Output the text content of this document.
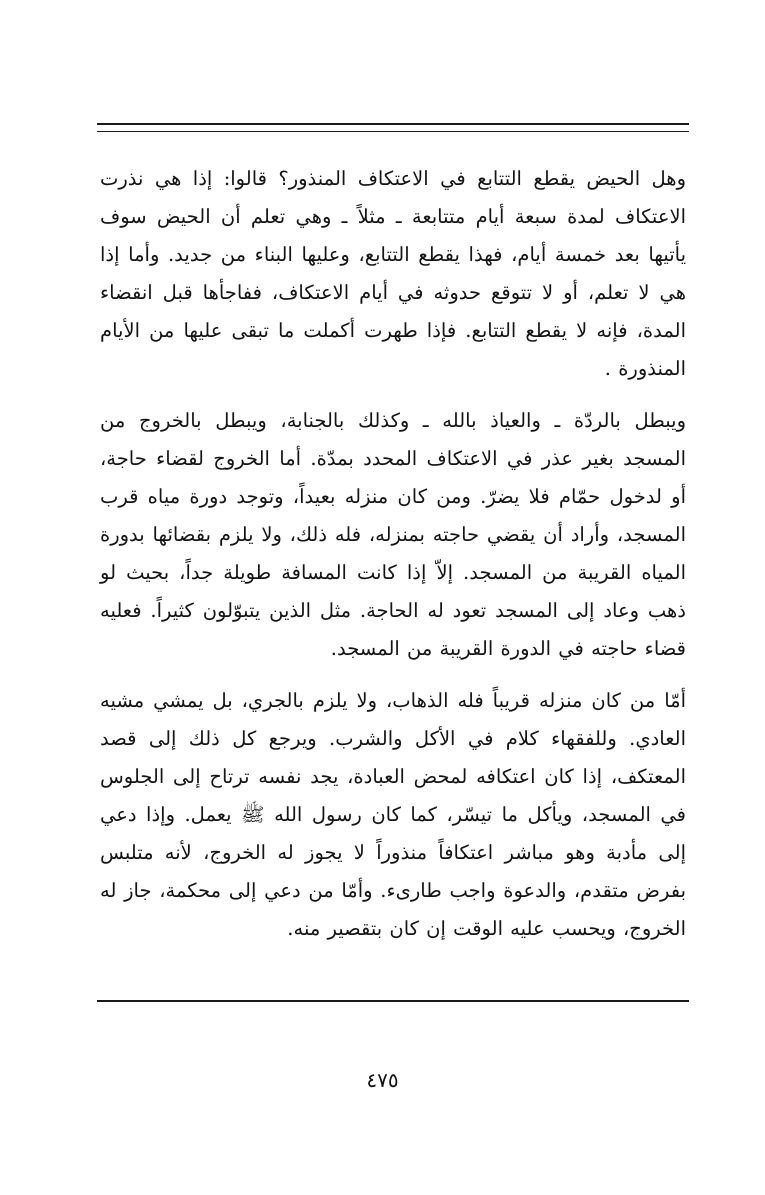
وهل الحيض يقطع التتابع في الاعتكاف المنذور؟ قالوا: إذا هي نذرت الاعتكاف لمدة سبعة أيام متتابعة ـ مثلاً ـ وهي تعلم أن الحيض سوف يأتيها بعد خمسة أيام، فهذا يقطع التتابع، وعليها البناء من جديد. وأما إذا هي لا تعلم، أو لا تتوقع حدوثه في أيام الاعتكاف، ففاجأها قبل انقضاء المدة، فإنه لا يقطع التتابع. فإذا طهرت أكملت ما تبقى عليها من الأيام المنذورة .

ويبطل بالردّة ـ والعياذ بالله ـ وكذلك بالجنابة، ويبطل بالخروج من المسجد بغير عذر في الاعتكاف المحدد بمدّة. أما الخروج لقضاء حاجة، أو لدخول حمّام فلا يضرّ. ومن كان منزله بعيداً، وتوجد دورة مياه قرب المسجد، وأراد أن يقضي حاجته بمنزله، فله ذلك، ولا يلزم بقضائها بدورة المياه القريبة من المسجد. إلاّ إذا كانت المسافة طويلة جداً، بحيث لو ذهب وعاد إلى المسجد تعود له الحاجة. مثل الذين يتبوّلون كثيراً. فعليه قضاء حاجته في الدورة القريبة من المسجد.

أمّا من كان منزله قريباً فله الذهاب، ولا يلزم بالجري، بل يمشي مشيه العادي. وللفقهاء كلام في الأكل والشرب. ويرجع كل ذلك إلى قصد المعتكف، إذا كان اعتكافه لمحض العبادة، يجد نفسه ترتاح إلى الجلوس في المسجد، ويأكل ما تيسّر، كما كان رسول الله ﷺ يعمل. وإذا دعي إلى مأدبة وهو مباشر اعتكافاً منذوراً لا يجوز له الخروج، لأنه متلبس بفرض متقدم، والدعوة واجب طارىء. وأمّا من دعي إلى محكمة، جاز له الخروج، ويحسب عليه الوقت إن كان بتقصير منه.

٤٧٥
